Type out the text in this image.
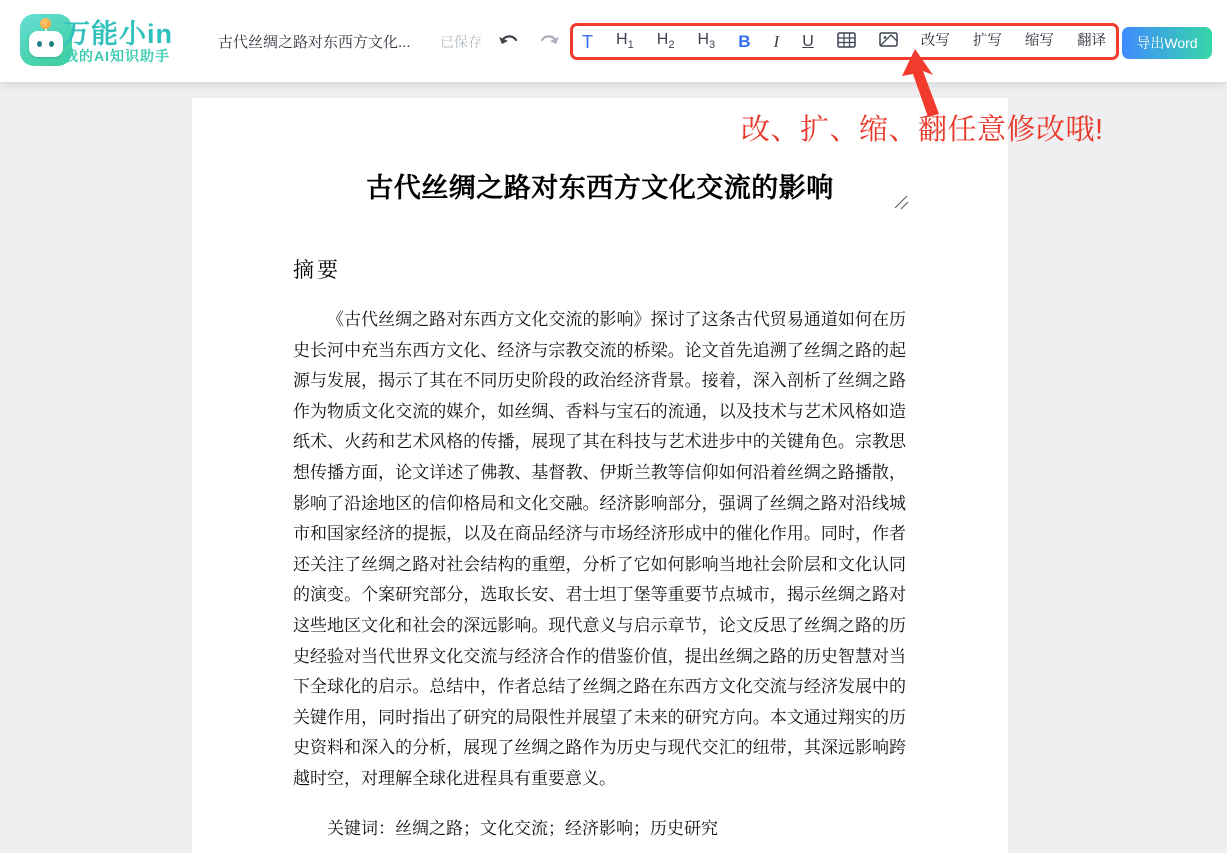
万能小in
我的AI知识助手
古代丝绸之路对东西方文化... 已保存	T $H_1$ $H_2$ $H_3$ B I U	改写 扩写 缩写 翻译	导出Word
改、扩、缩、翻任意修改哦!
古代丝绸之路对东西方文化交流的影响
摘要
《古代丝绸之路对东西方文化交流的影响》探讨了这条古代贸易通道如何在历史长河中充当东西方文化、经济与宗教交流的桥梁。论文首先追溯了丝绸之路的起源与发展，揭示了其在不同历史阶段的政治经济背景。接着，深入剖析了丝绸之路作为物质文化交流的媒介，如丝绸、香料与宝石的流通，以及技术与艺术风格如造纸术、火药和艺术风格的传播，展现了其在科技与艺术进步中的关键角色。宗教思想传播方面，论文详述了佛教、基督教、伊斯兰教等信仰如何沿着丝绸之路播散，影响了沿途地区的信仰格局和文化交融。经济影响部分，强调了丝绸之路对沿线城市和国家经济的提振，以及在商品经济与市场经济形成中的催化作用。同时，作者还关注了丝绸之路对社会结构的重塑，分析了它如何影响当地社会阶层和文化认同的演变。个案研究部分，选取长安、君士坦丁堡等重要节点城市，揭示丝绸之路对这些地区文化和社会的深远影响。现代意义与启示章节，论文反思了丝绸之路的历史经验对当代世界文化交流与经济合作的借鉴价值，提出丝绸之路的历史智慧对当下全球化的启示。总结中，作者总结了丝绸之路在东西方文化交流与经济发展中的关键作用，同时指出了研究的局限性并展望了未来的研究方向。本文通过翔实的历史资料和深入的分析，展现了丝绸之路作为历史与现代交汇的纽带，其深远影响跨越时空，对理解全球化进程具有重要意义。
关键词：丝绸之路；文化交流；经济影响；历史研究
